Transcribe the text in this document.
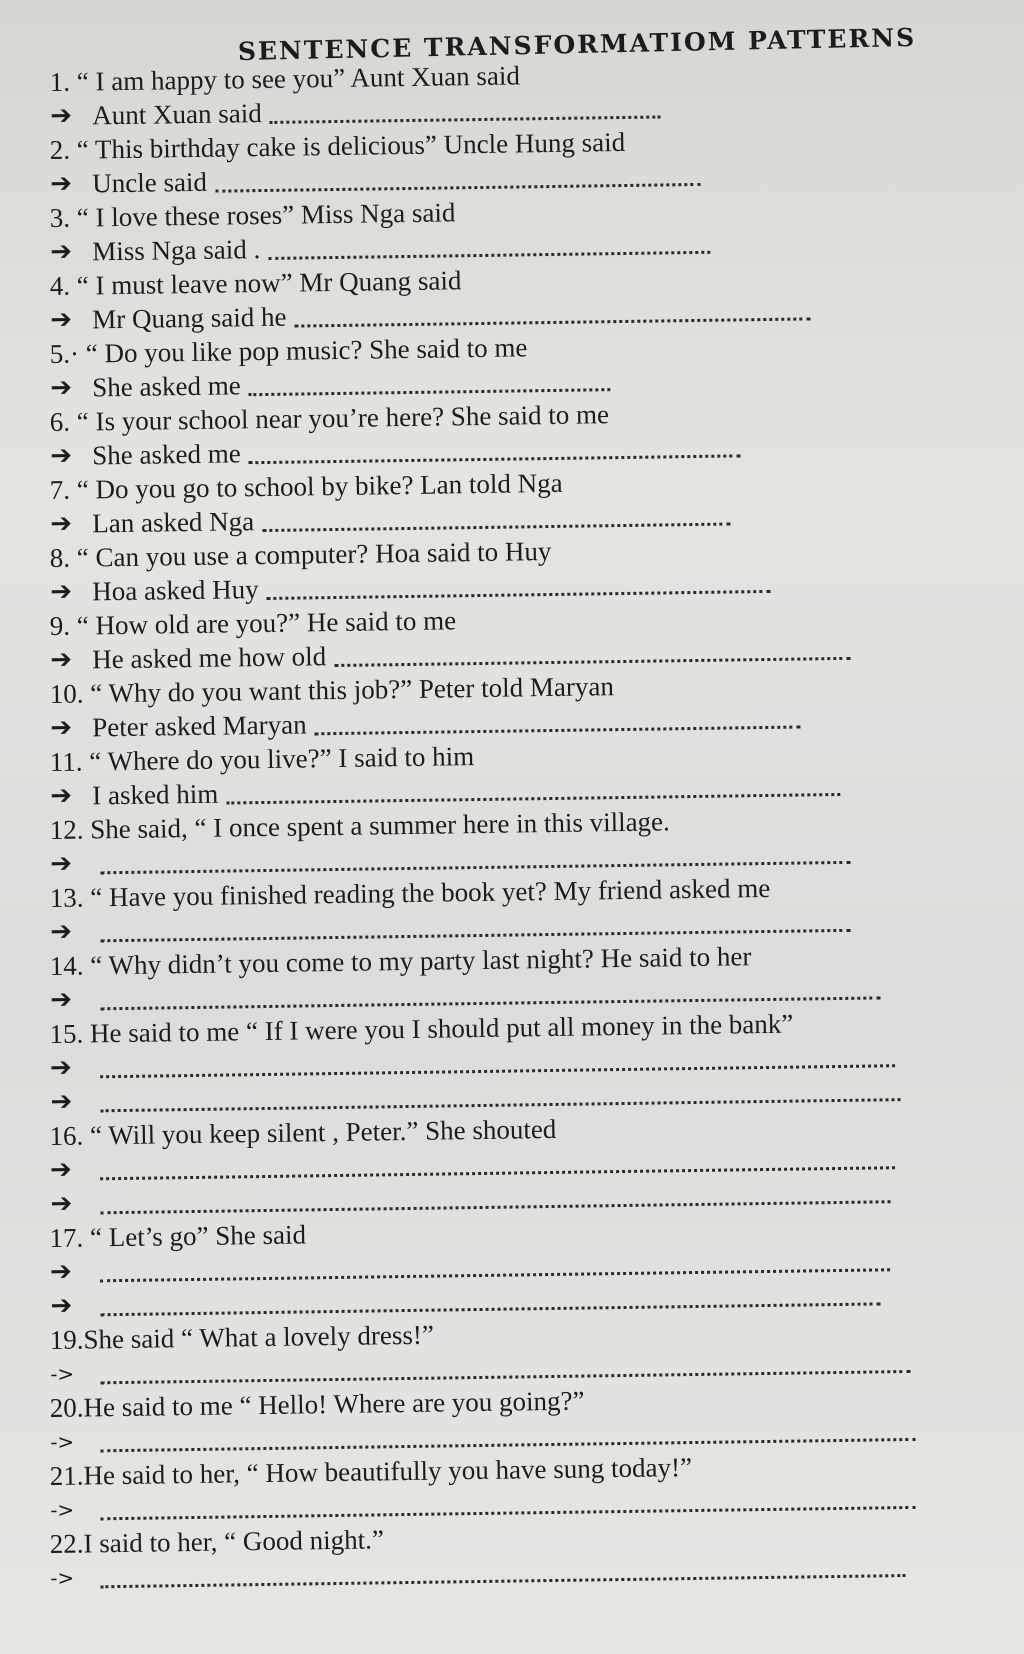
SENTENCE TRANSFORMATIOM PATTERNS
1. “ I am happy to see you” Aunt Xuan said
➔ Aunt Xuan said
2. “ This birthday cake is delicious” Uncle Hung said
➔ Uncle said
3. “ I love these roses” Miss Nga said
➔ Miss Nga said .
4. “ I must leave now” Mr Quang said
➔ Mr Quang said he
5.· “ Do you like pop music? She said to me
➔ She asked me
6. “ Is your school near you’re here? She said to me
➔ She asked me
7. “ Do you go to school by bike? Lan told Nga
➔ Lan asked Nga
8. “ Can you use a computer? Hoa said to Huy
➔ Hoa asked Huy
9. “ How old are you?” He said to me
➔ He asked me how old
10. “ Why do you want this job?” Peter told Maryan
➔ Peter asked Maryan
11. “ Where do you live?” I said to him
➔ I asked him
12. She said, “ I once spent a summer here in this village.
➔
13. “ Have you finished reading the book yet? My friend asked me
➔
14. “ Why didn’t you come to my party last night? He said to her
➔
15. He said to me “ If I were you I should put all money in the bank”
➔
➔
16. “ Will you keep silent , Peter.” She shouted
➔
➔
17. “ Let’s go” She said
➔
➔
19.She said “ What a lovely dress!”
->
20.He said to me “ Hello! Where are you going?”
->
21.He said to her, “ How beautifully you have sung today!”
->
22.I said to her, “ Good night.”
->
